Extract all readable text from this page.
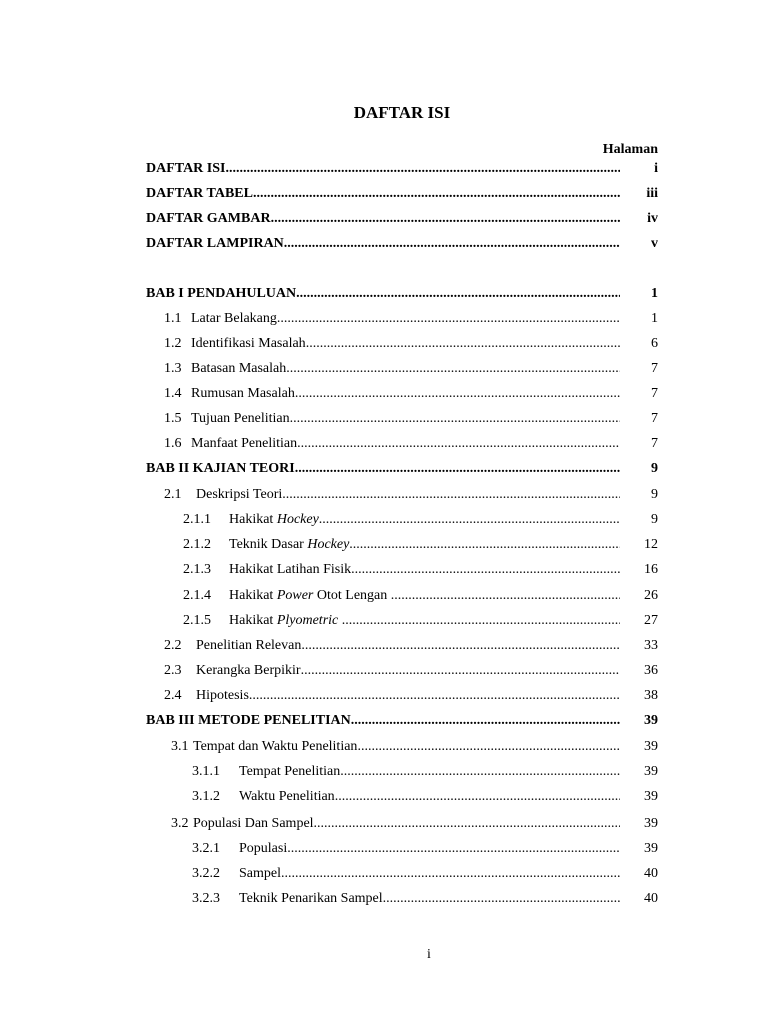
DAFTAR ISI
Halaman
DAFTAR ISI .....	i
DAFTAR TABEL .....	iii
DAFTAR GAMBAR .....	iv
DAFTAR LAMPIRAN .....	v
BAB I PENDAHULUAN .....	1
1.1 Latar Belakang .....	1
1.2 Identifikasi Masalah .....	6
1.3 Batasan Masalah .....	7
1.4 Rumusan Masalah .....	7
1.5 Tujuan Penelitian .....	7
1.6 Manfaat Penelitian .....	7
BAB II KAJIAN TEORI .....	9
2.1	Deskripsi Teori .....	9
2.1.1	Hakikat Hockey .....	9
2.1.2	Teknik Dasar Hockey .....	12
2.1.3	Hakikat Latihan Fisik .....	16
2.1.4	Hakikat Power Otot Lengan .....	26
2.1.5	Hakikat Plyometric .....	27
2.2	Penelitian Relevan .....	33
2.3	Kerangka Berpikir .....	36
2.4	Hipotesis .....	38
BAB III METODE PENELITIAN .....	39
3.1 Tempat dan Waktu Penelitian .....	39
3.1.1	Tempat Penelitian .....	39
3.1.2	Waktu Penelitian .....	39
3.2 Populasi Dan Sampel .....	39
3.2.1	Populasi .....	39
3.2.2	Sampel .....	40
3.2.3	Teknik Penarikan Sampel .....	40
i
